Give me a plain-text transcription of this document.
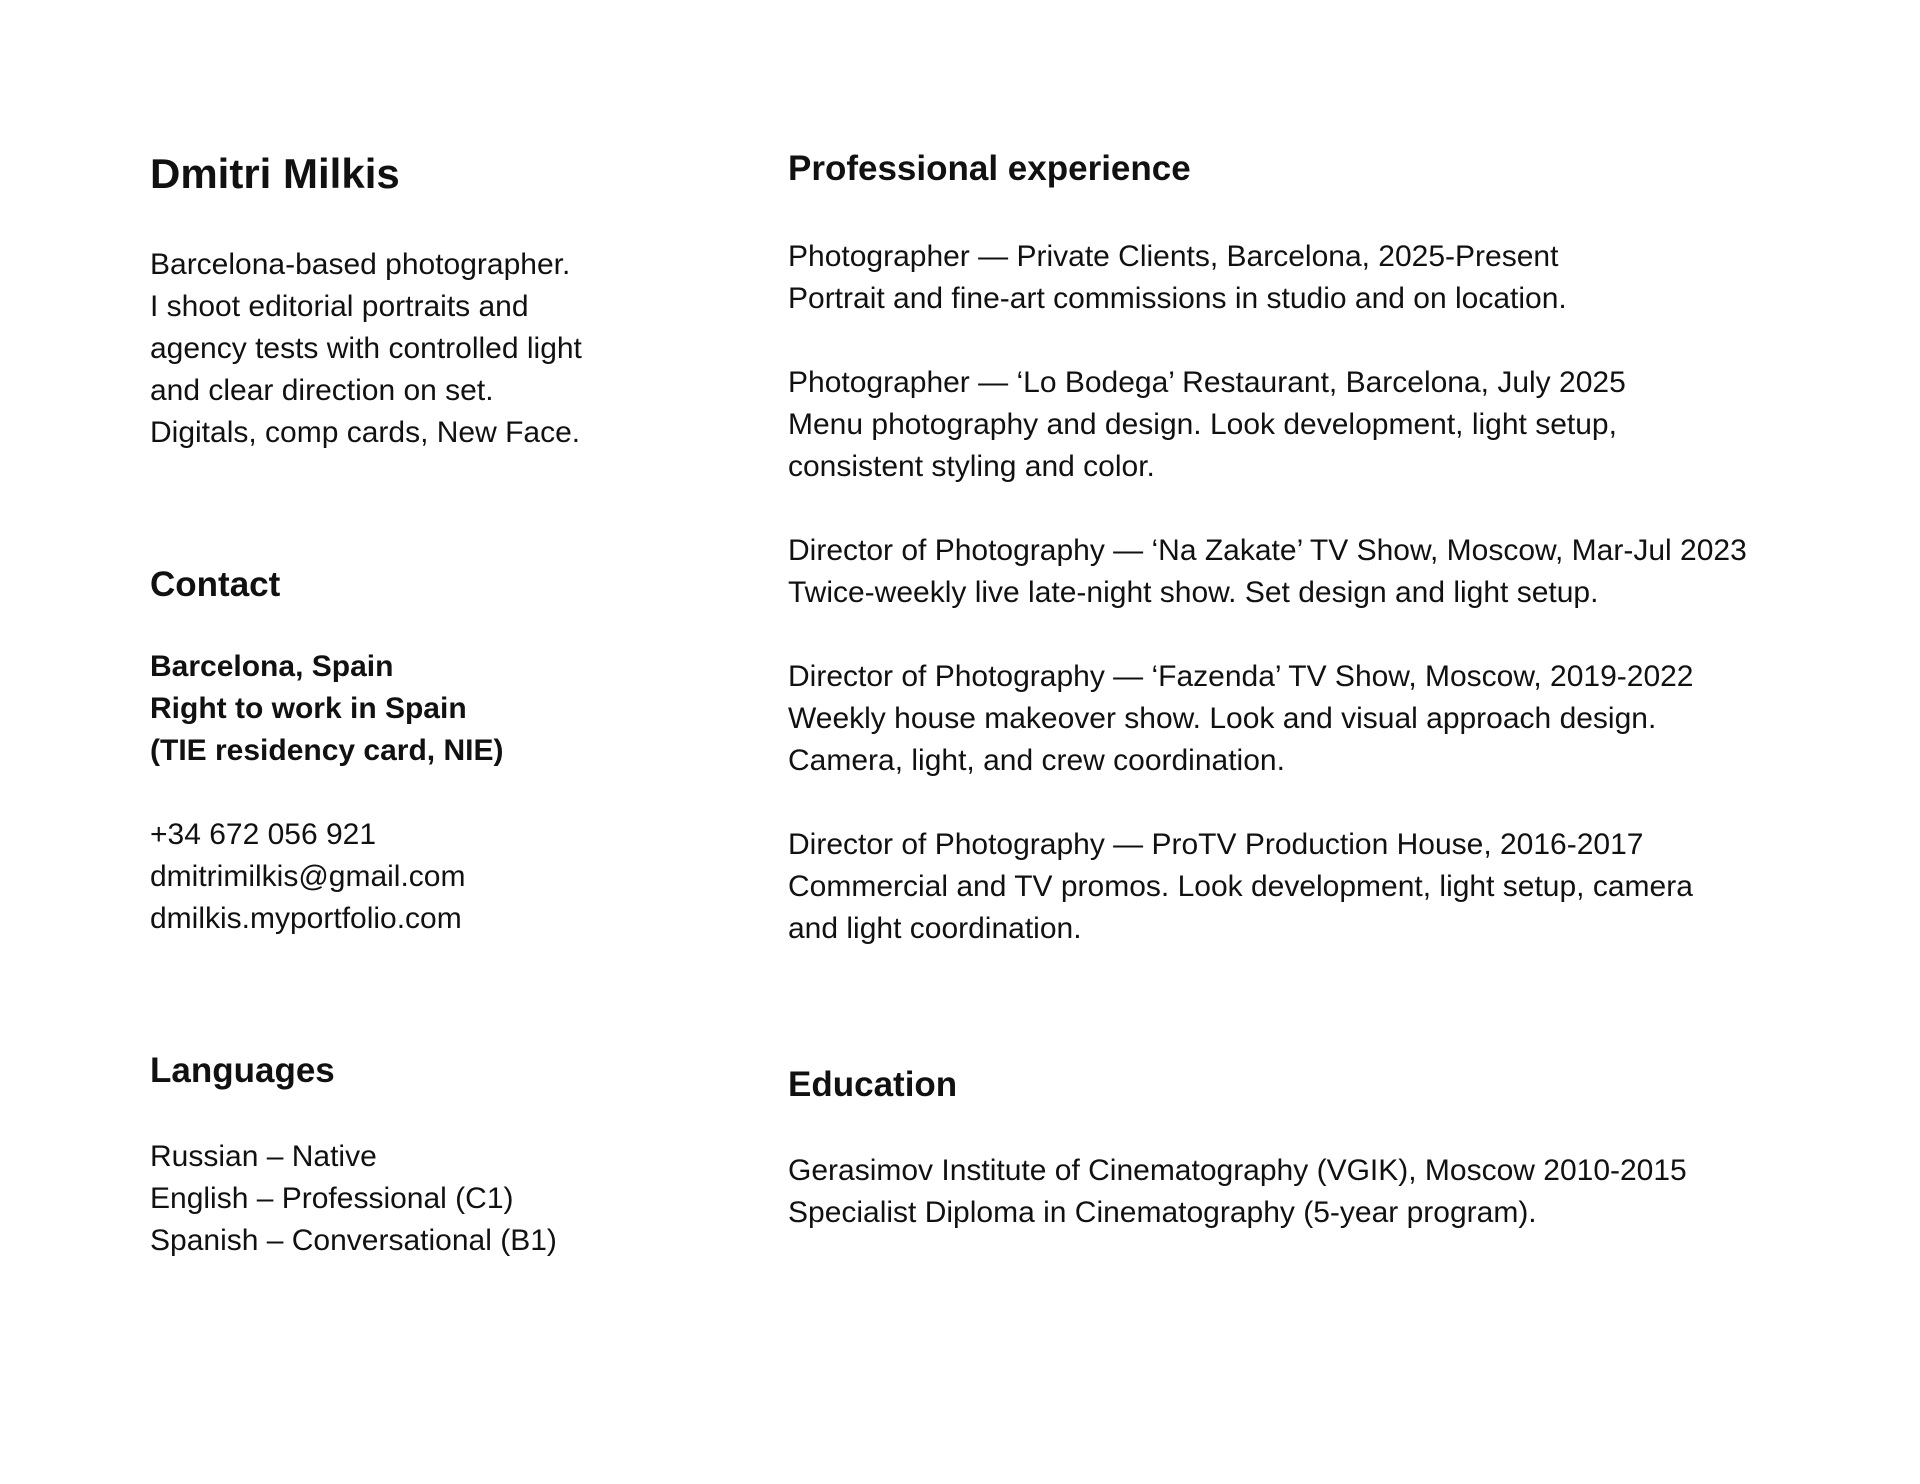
Dmitri Milkis
Barcelona-based photographer.
I shoot editorial portraits and
agency tests with controlled light
and clear direction on set.
Digitals, comp cards, New Face.
Contact
Barcelona, Spain
Right to work in Spain
(TIE residency card, NIE)
+34 672 056 921
dmitrimilkis@gmail.com
dmilkis.myportfolio.com
Languages
Russian – Native
English – Professional (C1)
Spanish – Conversational (B1)
Professional experience
Photographer — Private Clients, Barcelona, 2025-Present
Portrait and fine-art commissions in studio and on location.
Photographer — ‘Lo Bodega’ Restaurant, Barcelona, July 2025
Menu photography and design. Look development, light setup,
consistent styling and color.
Director of Photography — ‘Na Zakate’ TV Show, Moscow, Mar-Jul 2023
Twice-weekly live late-night show. Set design and light setup.
Director of Photography — ‘Fazenda’ TV Show, Moscow, 2019-2022
Weekly house makeover show. Look and visual approach design.
Camera, light, and crew coordination.
Director of Photography — ProTV Production House, 2016-2017
Commercial and TV promos. Look development, light setup, camera
and light coordination.
Education
Gerasimov Institute of Cinematography (VGIK), Moscow 2010-2015
Specialist Diploma in Cinematography (5-year program).
